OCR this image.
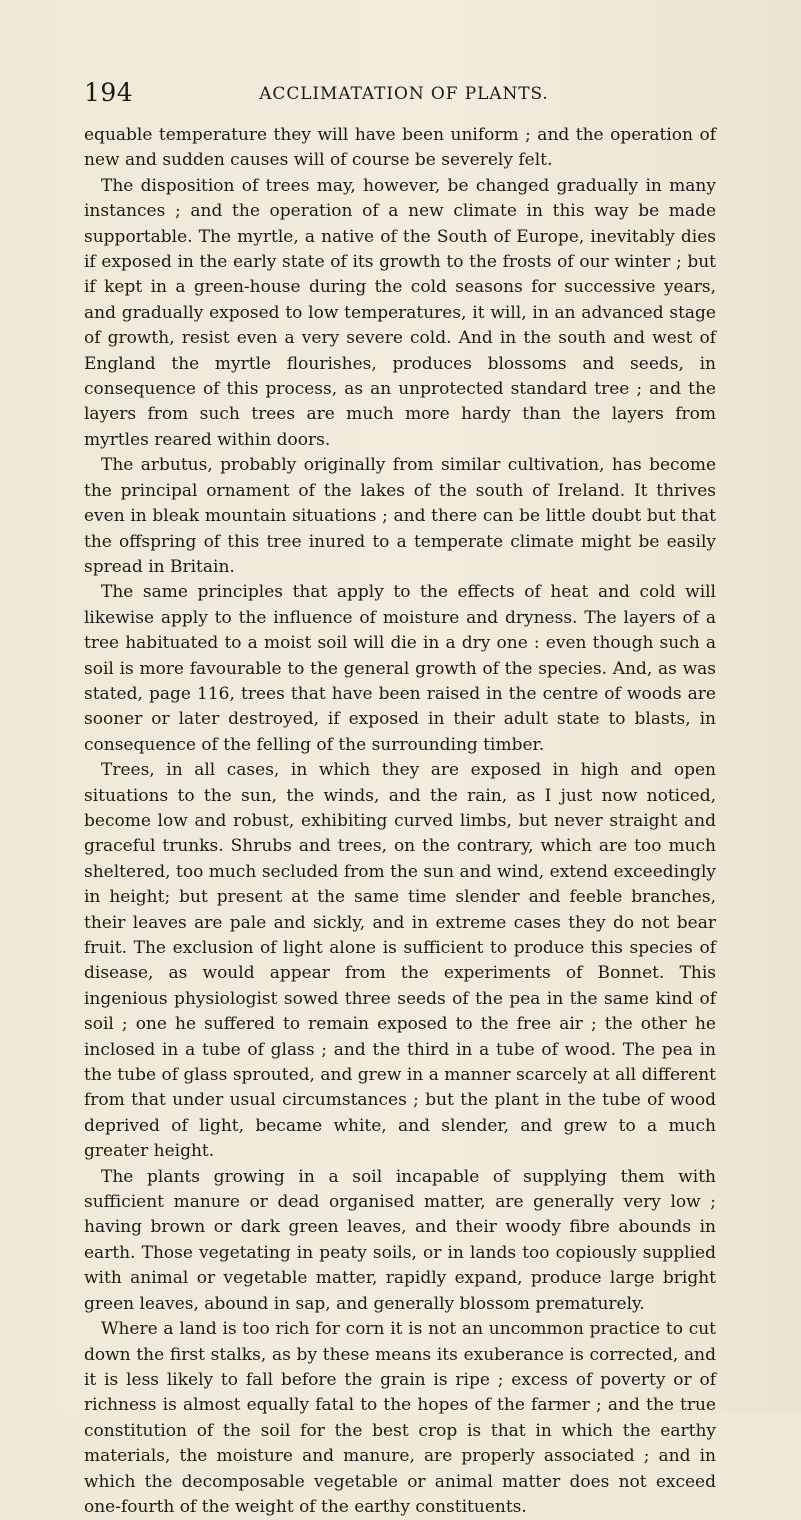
194	ACCLIMATATION OF PLANTS.

equable temperature they will have been uniform ; and the operation of new and sudden causes will of course be severely felt.

The disposition of trees may, however, be changed gradually in many instances ; and the operation of a new climate in this way be made supportable. The myrtle, a native of the South of Europe, inevitably dies if exposed in the early state of its growth to the frosts of our winter ; but if kept in a green-house during the cold seasons for successive years, and gradually exposed to low temperatures, it will, in an advanced stage of growth, resist even a very severe cold. And in the south and west of England the myrtle flourishes, produces blossoms and seeds, in consequence of this process, as an unprotected standard tree ; and the layers from such trees are much more hardy than the layers from myrtles reared within doors.

The arbutus, probably originally from similar cultivation, has become the principal ornament of the lakes of the south of Ireland. It thrives even in bleak mountain situations ; and there can be little doubt but that the offspring of this tree inured to a temperate climate might be easily spread in Britain.

The same principles that apply to the effects of heat and cold will likewise apply to the influence of moisture and dryness. The layers of a tree habituated to a moist soil will die in a dry one : even though such a soil is more favourable to the general growth of the species. And, as was stated, page 116, trees that have been raised in the centre of woods are sooner or later destroyed, if exposed in their adult state to blasts, in consequence of the felling of the surrounding timber.

Trees, in all cases, in which they are exposed in high and open situations to the sun, the winds, and the rain, as I just now noticed, become low and robust, exhibiting curved limbs, but never straight and graceful trunks. Shrubs and trees, on the contrary, which are too much sheltered, too much secluded from the sun and wind, extend exceedingly in height; but present at the same time slender and feeble branches, their leaves are pale and sickly, and in extreme cases they do not bear fruit. The exclusion of light alone is sufficient to produce this species of disease, as would appear from the experiments of Bonnet. This ingenious physiologist sowed three seeds of the pea in the same kind of soil ; one he suffered to remain exposed to the free air ; the other he inclosed in a tube of glass ; and the third in a tube of wood. The pea in the tube of glass sprouted, and grew in a manner scarcely at all different from that under usual circumstances ; but the plant in the tube of wood deprived of light, became white, and slender, and grew to a much greater height.

The plants growing in a soil incapable of supplying them with sufficient manure or dead organised matter, are generally very low ; having brown or dark green leaves, and their woody fibre abounds in earth. Those vegetating in peaty soils, or in lands too copiously supplied with animal or vegetable matter, rapidly expand, produce large bright green leaves, abound in sap, and generally blossom prematurely.

Where a land is too rich for corn it is not an uncommon practice to cut down the first stalks, as by these means its exuberance is corrected, and it is less likely to fall before the grain is ripe ; excess of poverty or of richness is almost equally fatal to the hopes of the farmer ; and the true constitution of the soil for the best crop is that in which the earthy materials, the moisture and manure, are properly associated ; and in which the decomposable vegetable or animal matter does not exceed one-fourth of the weight of the earthy constituents.
